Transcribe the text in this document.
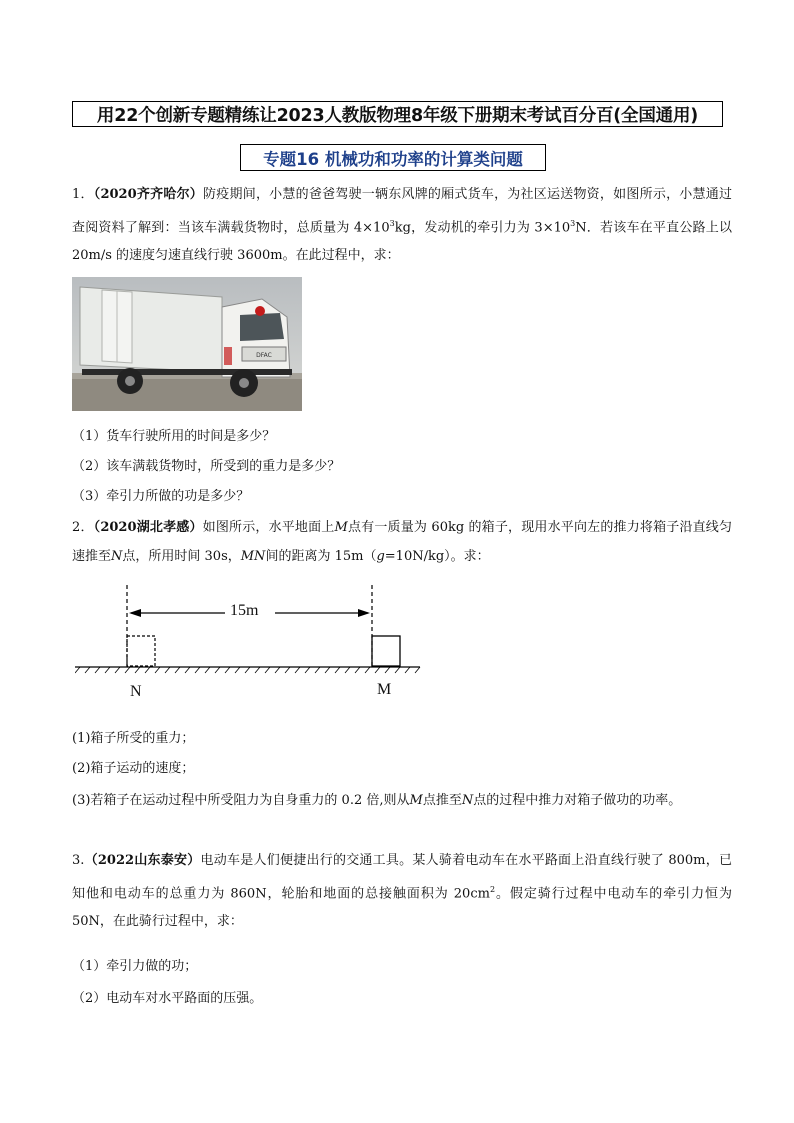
用22个创新专题精练让2023人教版物理8年级下册期末考试百分百(全国通用)
专题16 机械功和功率的计算类问题
1．（2020齐齐哈尔）防疫期间，小慧的爸爸驾驶一辆东风牌的厢式货车，为社区运送物资，如图所示，小慧通过查阅资料了解到：当该车满载货物时，总质量为 $4\times 10^3kg$，发动机的牵引力为 $3\times 10^3N$．若该车在平直公路上以 20m/s 的速度匀速直线行驶 3600m。在此过程中，求：
DFAC
（1）货车行驶所用的时间是多少？
（2）该车满载货物时，所受到的重力是多少？
（3）牵引力所做的功是多少？
2．（2020湖北孝感）如图所示，水平地面上M点有一质量为 60kg 的箱子，现用水平向左的推力将箱子沿直线匀速推至N点，所用时间 30s，MN间的距离为 15m（g=10N/kg）。求：
15m
N	M
(1)箱子所受的重力；
(2)箱子运动的速度；
(3)若箱子在运动过程中所受阻力为自身重力的 0.2 倍,则从M点推至N点的过程中推力对箱子做功的功率。
3.（2022山东泰安）电动车是人们便捷出行的交通工具。某人骑着电动车在水平路面上沿直线行驶了 800m，已知他和电动车的总重力为 860N，轮胎和地面的总接触面积为 $20cm^2$。假定骑行过程中电动车的牵引力恒为 50N，在此骑行过程中，求：
（1）牵引力做的功；
（2）电动车对水平路面的压强。
